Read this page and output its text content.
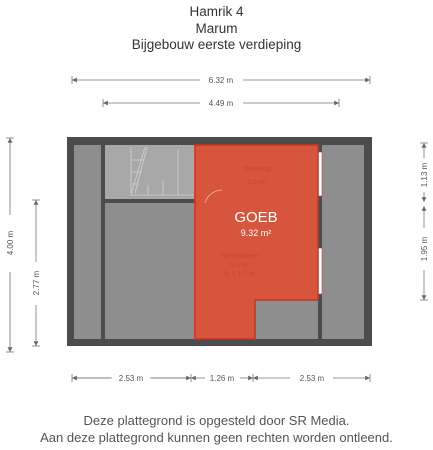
Hamrik 4
Marum
Bijgebouw eerste verdieping
6.32 m
4.49 m
4.00 m
2.77 m
1.13 m
1.95 m
Overloop
3.0 m²
Slaapkamer
6.3 m²
H = 1.7 m
GOEB
9.32 m²
2.53 m	1.26 m	2.53 m
Deze plattegrond is opgesteld door SR Media.
Aan deze plattegrond kunnen geen rechten worden ontleend.
